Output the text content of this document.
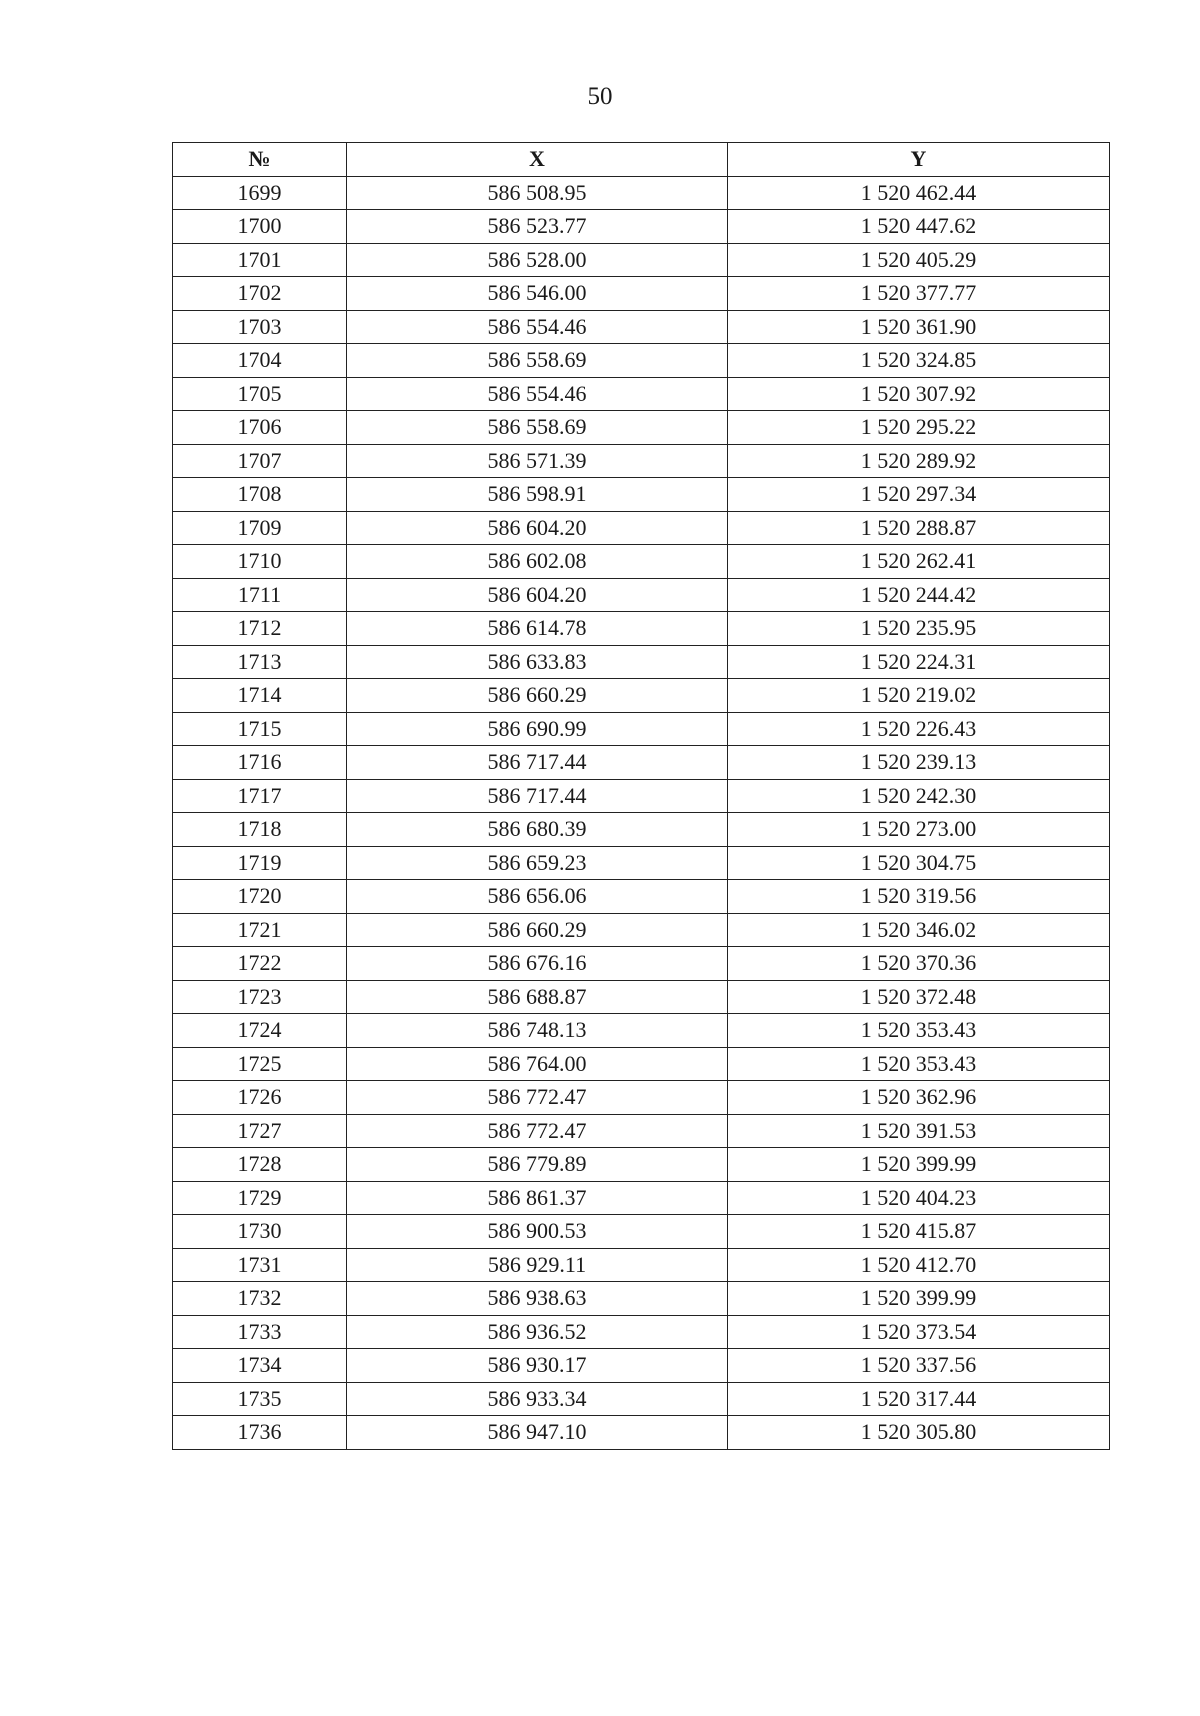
50
№	X	Y
1699	586 508.95	1 520 462.44
1700	586 523.77	1 520 447.62
1701	586 528.00	1 520 405.29
1702	586 546.00	1 520 377.77
1703	586 554.46	1 520 361.90
1704	586 558.69	1 520 324.85
1705	586 554.46	1 520 307.92
1706	586 558.69	1 520 295.22
1707	586 571.39	1 520 289.92
1708	586 598.91	1 520 297.34
1709	586 604.20	1 520 288.87
1710	586 602.08	1 520 262.41
1711	586 604.20	1 520 244.42
1712	586 614.78	1 520 235.95
1713	586 633.83	1 520 224.31
1714	586 660.29	1 520 219.02
1715	586 690.99	1 520 226.43
1716	586 717.44	1 520 239.13
1717	586 717.44	1 520 242.30
1718	586 680.39	1 520 273.00
1719	586 659.23	1 520 304.75
1720	586 656.06	1 520 319.56
1721	586 660.29	1 520 346.02
1722	586 676.16	1 520 370.36
1723	586 688.87	1 520 372.48
1724	586 748.13	1 520 353.43
1725	586 764.00	1 520 353.43
1726	586 772.47	1 520 362.96
1727	586 772.47	1 520 391.53
1728	586 779.89	1 520 399.99
1729	586 861.37	1 520 404.23
1730	586 900.53	1 520 415.87
1731	586 929.11	1 520 412.70
1732	586 938.63	1 520 399.99
1733	586 936.52	1 520 373.54
1734	586 930.17	1 520 337.56
1735	586 933.34	1 520 317.44
1736	586 947.10	1 520 305.80
